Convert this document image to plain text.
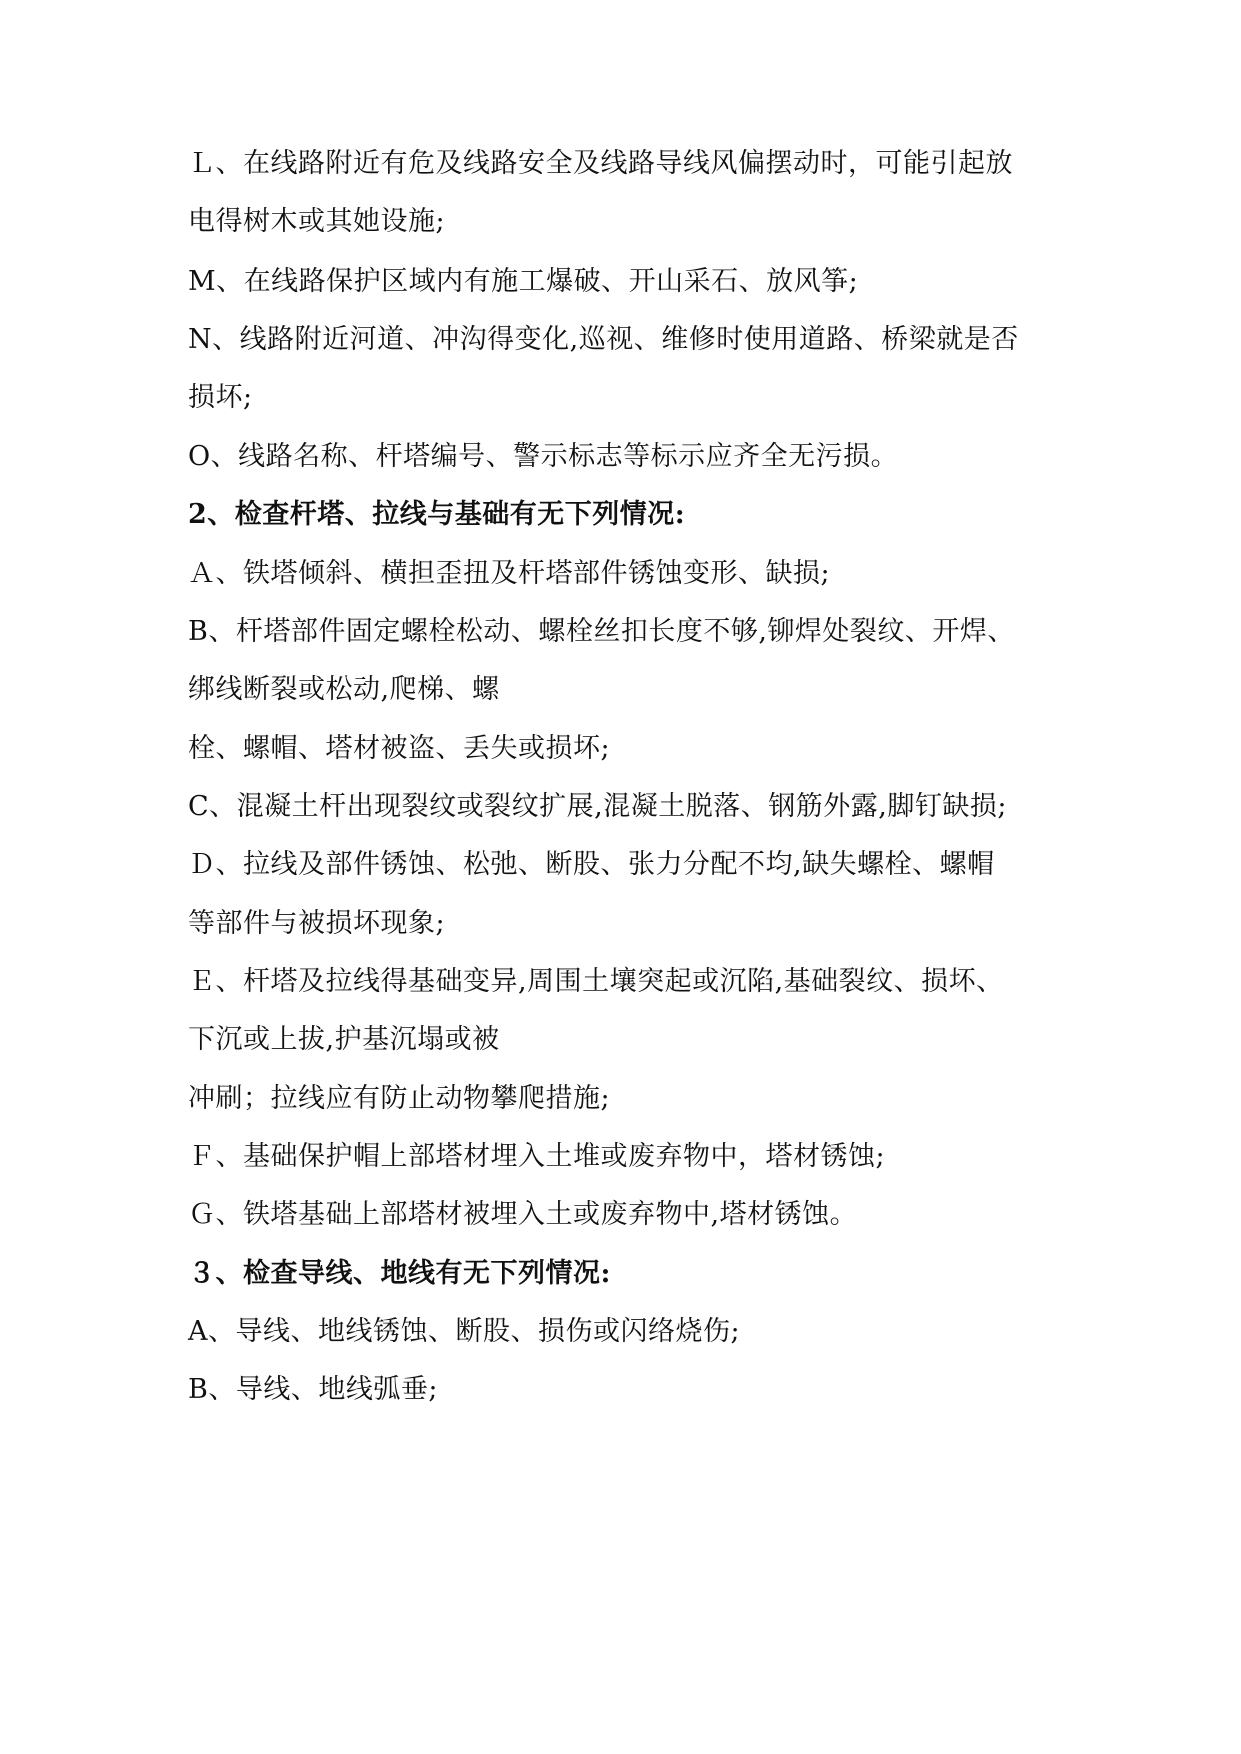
Ｌ、在线路附近有危及线路安全及线路导线风偏摆动时，可能引起放
电得树木或其她设施;
M、在线路保护区域内有施工爆破、开山采石、放风筝;
N、线路附近河道、冲沟得变化,巡视、维修时使用道路、桥梁就是否
损坏;
O、线路名称、杆塔编号、警示标志等标示应齐全无污损。
2、检查杆塔、拉线与基础有无下列情况:
Ａ、铁塔倾斜、横担歪扭及杆塔部件锈蚀变形、缺损;
B、杆塔部件固定螺栓松动、螺栓丝扣长度不够,铆焊处裂纹、开焊、
绑线断裂或松动,爬梯、螺
栓、螺帽、塔材被盗、丢失或损坏;
C、混凝土杆出现裂纹或裂纹扩展,混凝土脱落、钢筋外露,脚钉缺损;
Ｄ、拉线及部件锈蚀、松弛、断股、张力分配不均,缺失螺栓、螺帽
等部件与被损坏现象;
Ｅ、杆塔及拉线得基础变异,周围土壤突起或沉陷,基础裂纹、损坏、
下沉或上拔,护基沉塌或被
冲刷；拉线应有防止动物攀爬措施;
Ｆ、基础保护帽上部塔材埋入土堆或废弃物中，塔材锈蚀;
Ｇ、铁塔基础上部塔材被埋入土或废弃物中,塔材锈蚀。
３、检查导线、地线有无下列情况:
A、导线、地线锈蚀、断股、损伤或闪络烧伤;
B、导线、地线弧垂;
